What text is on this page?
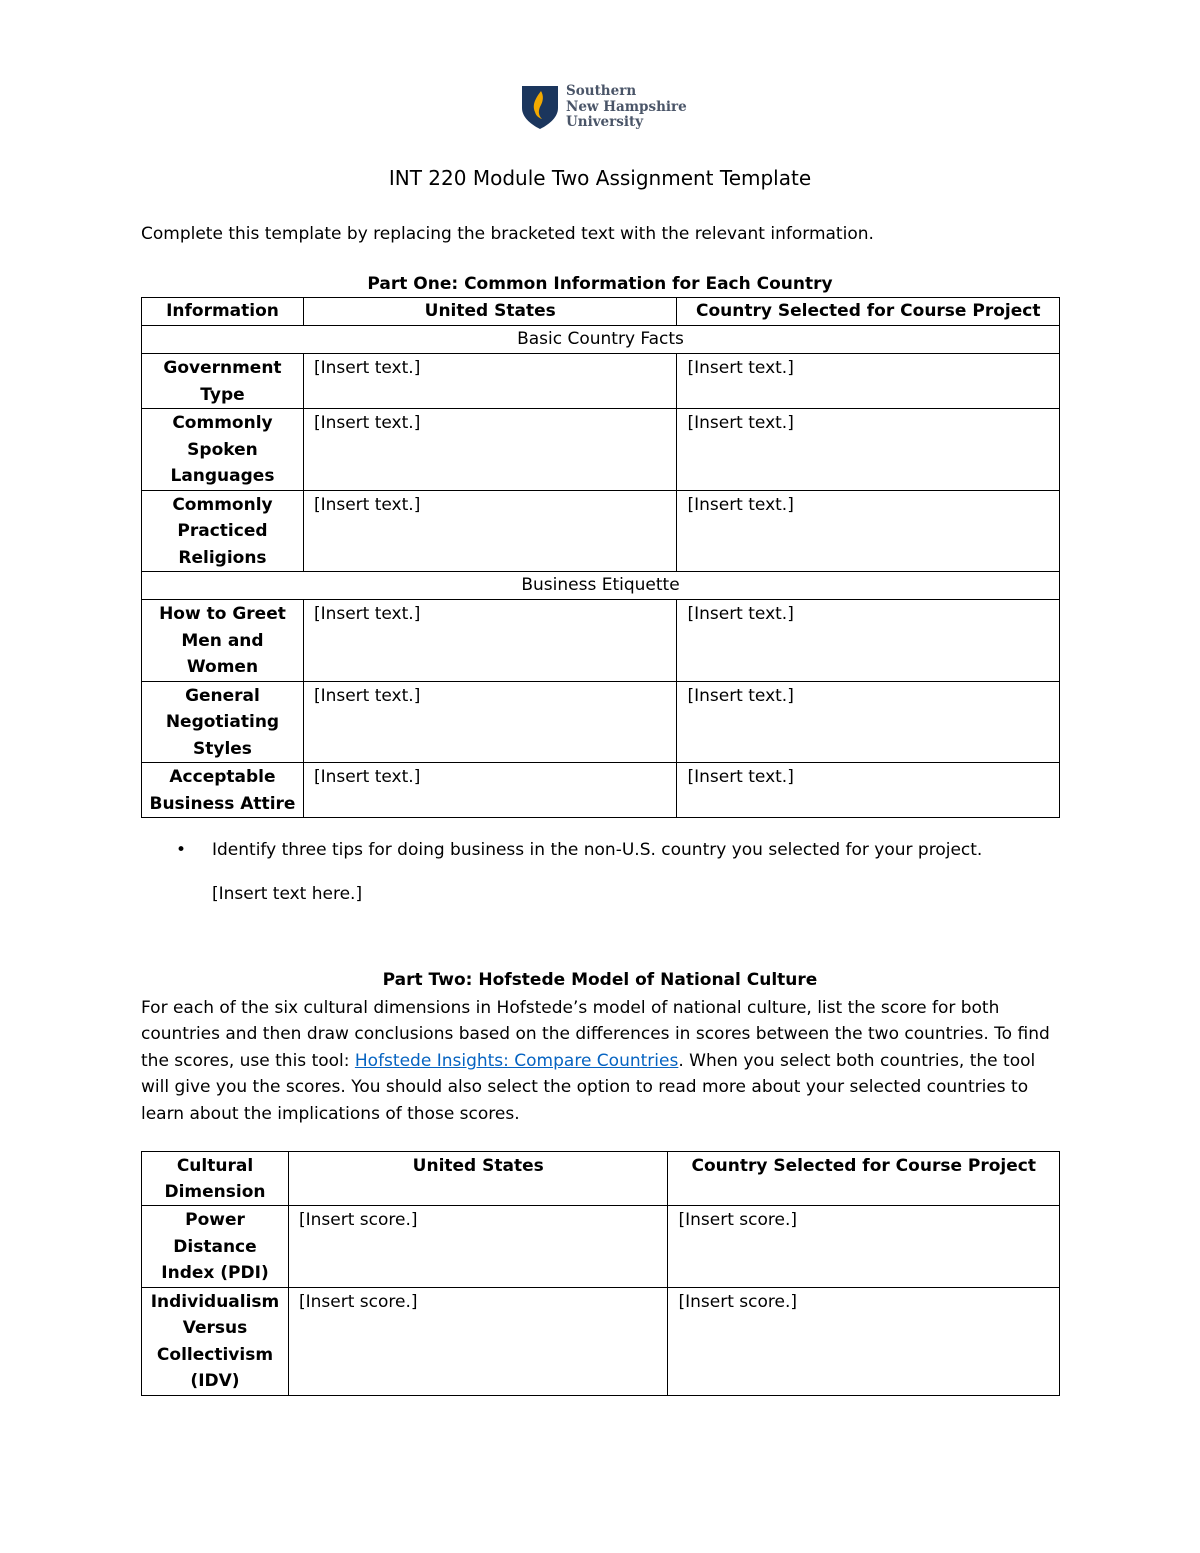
Southern
New Hampshire
University
INT 220 Module Two Assignment Template
Complete this template by replacing the bracketed text with the relevant information.
Part One: Common Information for Each Country
Information	United States	Country Selected for Course Project
Basic Country Facts		
Government Type	[Insert text.]	[Insert text.]
Commonly Spoken Languages	[Insert text.]	[Insert text.]
Commonly Practiced Religions	[Insert text.]	[Insert text.]
Business Etiquette		
How to Greet Men and Women	[Insert text.]	[Insert text.]
General Negotiating Styles	[Insert text.]	[Insert text.]
Acceptable Business Attire	[Insert text.]	[Insert text.]
• Identify three tips for doing business in the non-U.S. country you selected for your project.
[Insert text here.]
Part Two: Hofstede Model of National Culture
For each of the six cultural dimensions in Hofstede’s model of national culture, list the score for both countries and then draw conclusions based on the differences in scores between the two countries. To find the scores, use this tool: Hofstede Insights: Compare Countries. When you select both countries, the tool will give you the scores. You should also select the option to read more about your selected countries to learn about the implications of those scores.
Cultural Dimension	United States	Country Selected for Course Project
Power Distance Index (PDI)	[Insert score.]	[Insert score.]
Individualism Versus Collectivism (IDV)	[Insert score.]	[Insert score.]
